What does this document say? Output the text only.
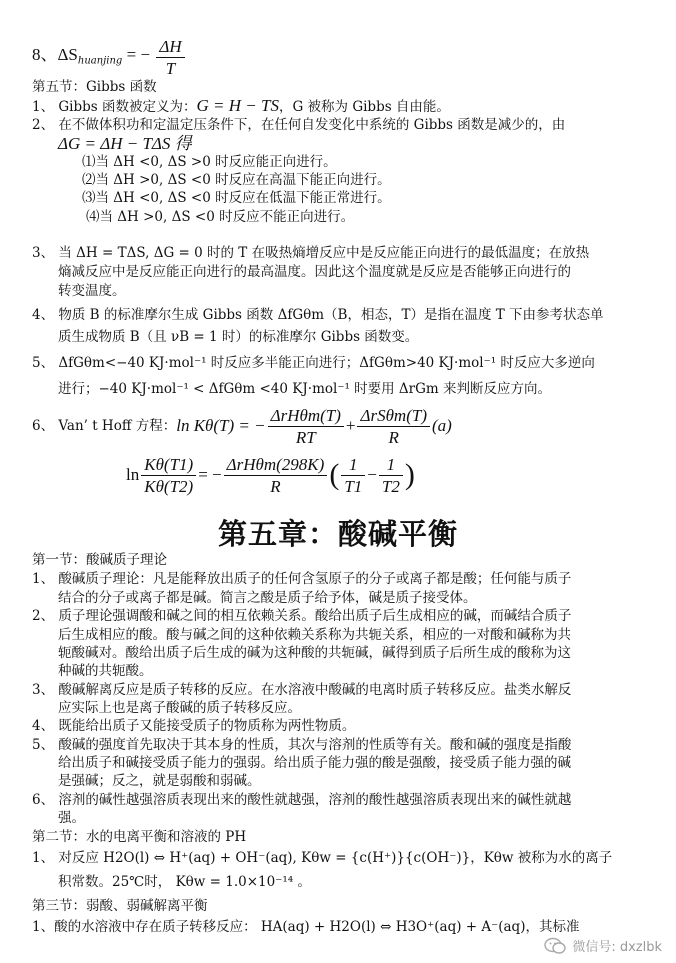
8、$\Delta S_{huanjing}$ = − $\frac{\Delta H}{T}$
第五节：Gibbs 函数
1、 Gibbs 函数被定义为：G = H − TS，G 被称为 Gibbs 自由能。
2、 在不做体积功和定温定压条件下，在任何自发变化中系统的 Gibbs 函数是减少的，由
ΔG = ΔH − TΔS 得
⑴当 ΔH <0, ΔS >0 时反应能正向进行。
⑵当 ΔH >0, ΔS <0 时反应在高温下能正向进行。
⑶当 ΔH <0, ΔS <0 时反应在低温下能正常进行。
⑷当 ΔH >0, ΔS <0 时反应不能正向进行。
3、 当 ΔH = TΔS, ΔG = 0 时的 T 在吸热熵增反应中是反应能正向进行的最低温度；在放热
熵减反应中是反应能正向进行的最高温度。因此这个温度就是反应是否能够正向进行的
转变温度。
4、 物质 B 的标准摩尔生成 Gibbs 函数 ΔfGθm（B，相态，T）是指在温度 T 下由参考状态单
质生成物质 B（且 νB = 1 时）的标准摩尔 Gibbs 函数变。
5、 ΔfGθm<−40 KJ·mol⁻¹ 时反应多半能正向进行；ΔfGθm>40 KJ·mol⁻¹ 时反应大多逆向
进行；−40 KJ·mol⁻¹ < ΔfGθm <40 KJ·mol⁻¹ 时要用 ΔrGm 来判断反应方向。
6、 Van’ t Hoff 方程： ln Kθ(T) = − $\frac{\text{ΔrHθm(T)}}{RT} + \frac{\text{ΔrSθm(T)}}{R} (a)$
$\ln \frac{K\theta(T1)}{K\theta(T2)}$ = − $\frac{\text{ΔrHθm(298K)}}{R}$ ( $\frac{1}{T1} - \frac{1}{T2}$ )
第五章：酸碱平衡
第一节：酸碱质子理论
1、 酸碱质子理论：凡是能释放出质子的任何含氢原子的分子或离子都是酸；任何能与质子
结合的分子或离子都是碱。简言之酸是质子给予体，碱是质子接受体。
2、 质子理论强调酸和碱之间的相互依赖关系。酸给出质子后生成相应的碱，而碱结合质子
后生成相应的酸。酸与碱之间的这种依赖关系称为共轭关系，相应的一对酸和碱称为共
轭酸碱对。酸给出质子后生成的碱为这种酸的共轭碱，碱得到质子后所生成的酸称为这
种碱的共轭酸。
3、 酸碱解离反应是质子转移的反应。在水溶液中酸碱的电离时质子转移反应。盐类水解反
应实际上也是离子酸碱的质子转移反应。
4、 既能给出质子又能接受质子的物质称为两性物质。
5、 酸碱的强度首先取决于其本身的性质，其次与溶剂的性质等有关。酸和碱的强度是指酸
给出质子和碱接受质子能力的强弱。给出质子能力强的酸是强酸，接受质子能力强的碱
是强碱；反之，就是弱酸和弱碱。
6、 溶剂的碱性越强溶质表现出来的酸性就越强，溶剂的酸性越强溶质表现出来的碱性就越
强。
第二节：水的电离平衡和溶液的 PH
1、 对反应 H2O(l) ⇔ H⁺(aq) + OH⁻(aq), Kθw = {c(H⁺)}{c(OH⁻)}，Kθw 被称为水的离子
积常数。25℃时， Kθw = 1.0×10⁻¹⁴ 。
第三节：弱酸、弱碱解离平衡
1、酸的水溶液中存在质子转移反应： HA(aq) + H2O(l) ⇔ H3O⁺(aq) + A⁻(aq)，其标准
微信号: dxzlbk
